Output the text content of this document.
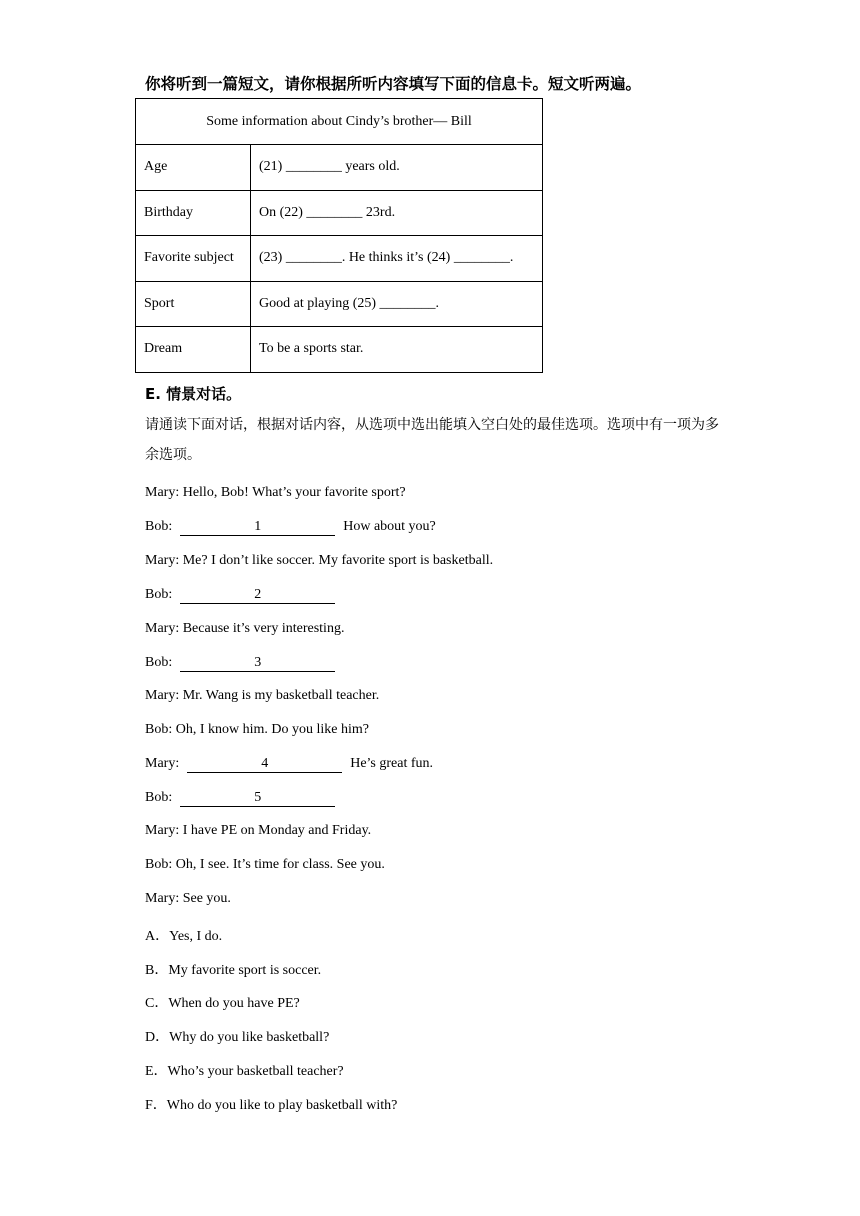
你将听到一篇短文，请你根据所听内容填写下面的信息卡。短文听两遍。
Some information about Cindy’s brother— Bill	
Age	(21) ________ years old.
Birthday	On (22) ________ 23rd.
Favorite subject	(23) ________. He thinks it’s (24) ________.
Sport	Good at playing (25) ________.
Dream	To be a sports star.
E. 情景对话。
请通读下面对话，根据对话内容，从选项中选出能填入空白处的最佳选项。选项中有一项为多余选项。
Mary: Hello, Bob! What’s your favorite sport?
Bob:	1	How about you?
Mary: Me? I don’t like soccer. My favorite sport is basketball.
Bob:	2
Mary: Because it’s very interesting.
Bob:	3
Mary: Mr. Wang is my basketball teacher.
Bob: Oh, I know him. Do you like him?
Mary:	4	He’s great fun.
Bob:	5
Mary: I have PE on Monday and Friday.
Bob: Oh, I see. It’s time for class. See you.
Mary: See you.
A．Yes, I do.
B．My favorite sport is soccer.
C．When do you have PE?
D．Why do you like basketball?
E．Who’s your basketball teacher?
F．Who do you like to play basketball with?
